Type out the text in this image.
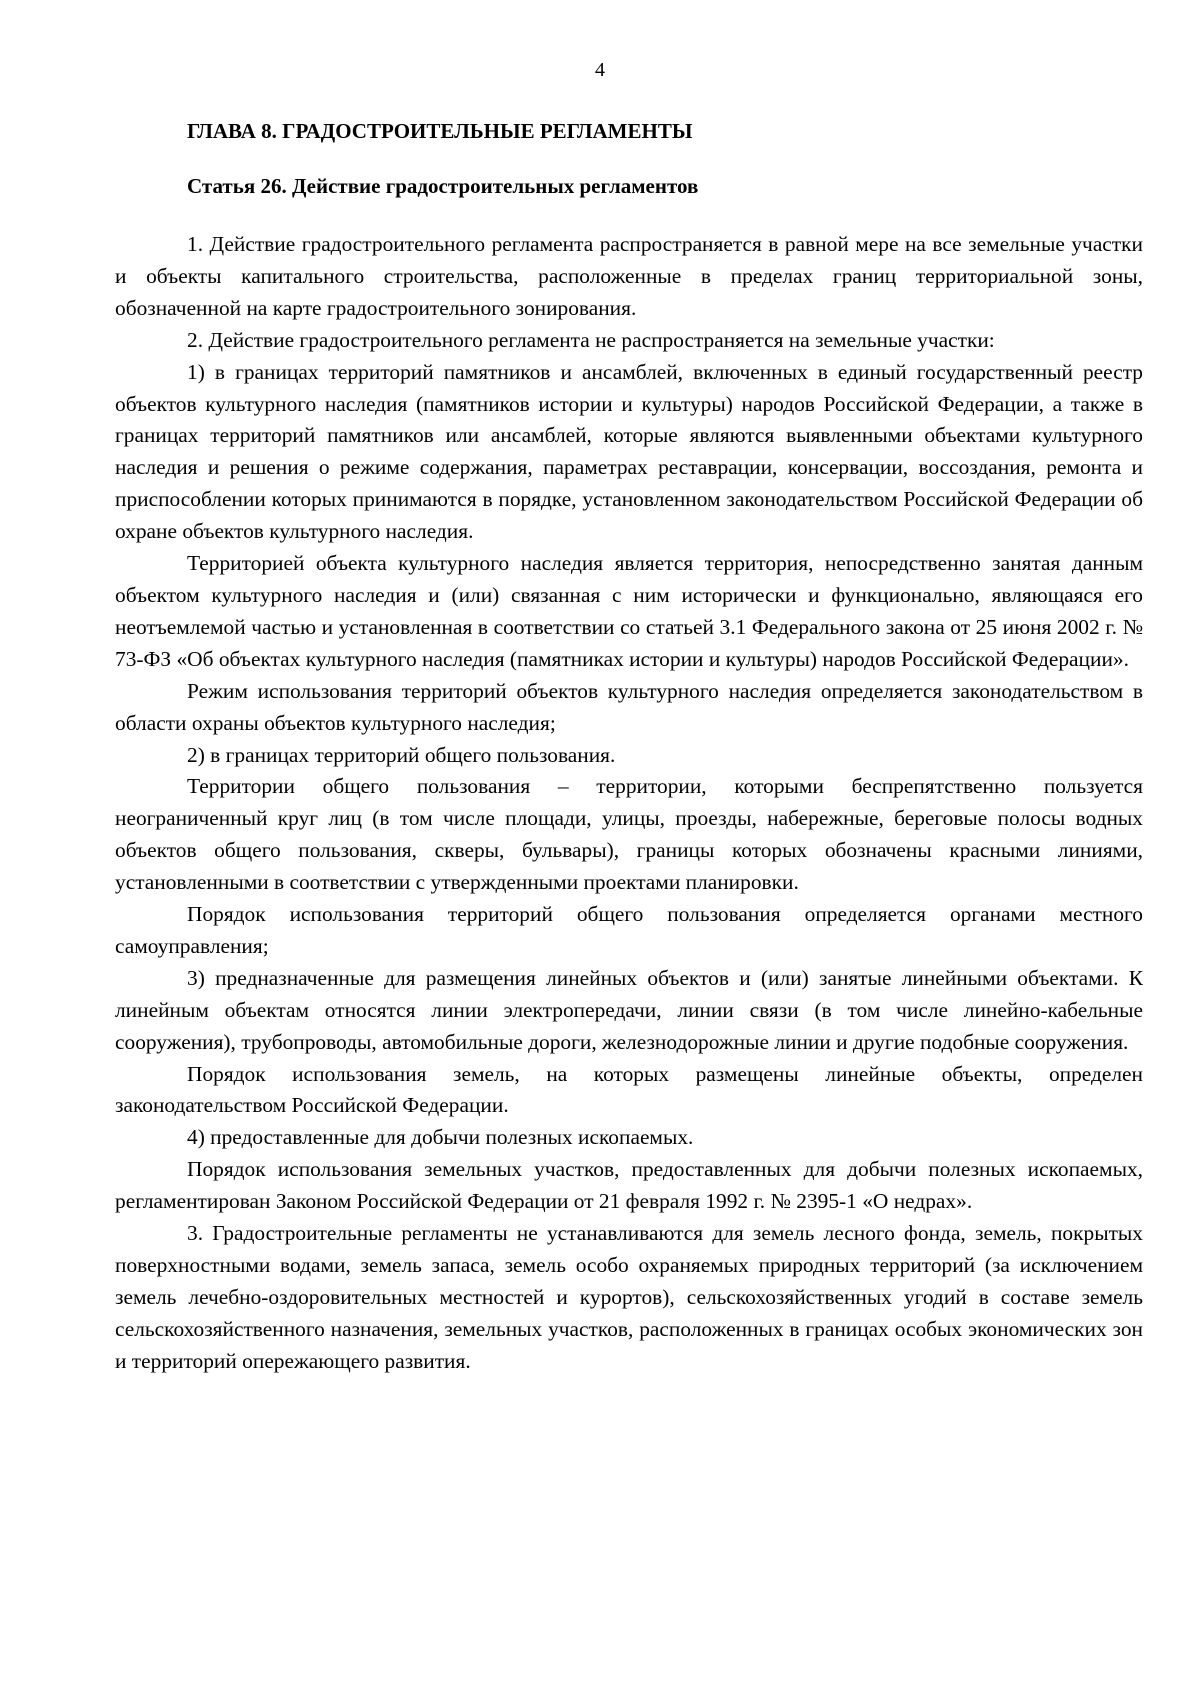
4
ГЛАВА 8. ГРАДОСТРОИТЕЛЬНЫЕ РЕГЛАМЕНТЫ
Статья 26. Действие градостроительных регламентов

1. Действие градостроительного регламента распространяется в равной мере на все земельные участки и объекты капитального строительства, расположенные в пределах границ территориальной зоны, обозначенной на карте градостроительного зонирования.

2. Действие градостроительного регламента не распространяется на земельные участки:

1) в границах территорий памятников и ансамблей, включенных в единый государственный реестр объектов культурного наследия (памятников истории и культуры) народов Российской Федерации, а также в границах территорий памятников или ансамблей, которые являются выявленными объектами культурного наследия и решения о режиме содержания, параметрах реставрации, консервации, воссоздания, ремонта и приспособлении которых принимаются в порядке, установленном законодательством Российской Федерации об охране объектов культурного наследия.

Территорией объекта культурного наследия является территория, непосредственно занятая данным объектом культурного наследия и (или) связанная с ним исторически и функционально, являющаяся его неотъемлемой частью и установленная в соответствии со статьей 3.1 Федерального закона от 25 июня 2002 г. № 73-ФЗ «Об объектах культурного наследия (памятниках истории и культуры) народов Российской Федерации».

Режим использования территорий объектов культурного наследия определяется законодательством в области охраны объектов культурного наследия;

2) в границах территорий общего пользования.

Территории общего пользования – территории, которыми беспрепятственно пользуется неограниченный круг лиц (в том числе площади, улицы, проезды, набережные, береговые полосы водных объектов общего пользования, скверы, бульвары), границы которых обозначены красными линиями, установленными в соответствии с утвержденными проектами планировки.

Порядок использования территорий общего пользования определяется органами местного самоуправления;

3) предназначенные для размещения линейных объектов и (или) занятые линейными объектами. К линейным объектам относятся линии электропередачи, линии связи (в том числе линейно-кабельные сооружения), трубопроводы, автомобильные дороги, железнодорожные линии и другие подобные сооружения.

Порядок использования земель, на которых размещены линейные объекты, определен законодательством Российской Федерации.

4) предоставленные для добычи полезных ископаемых.

Порядок использования земельных участков, предоставленных для добычи полезных ископаемых, регламентирован Законом Российской Федерации от 21 февраля 1992 г. № 2395-1 «О недрах».

3. Градостроительные регламенты не устанавливаются для земель лесного фонда, земель, покрытых поверхностными водами, земель запаса, земель особо охраняемых природных территорий (за исключением земель лечебно-оздоровительных местностей и курортов), сельскохозяйственных угодий в составе земель сельскохозяйственного назначения, земельных участков, расположенных в границах особых экономических зон и территорий опережающего развития.
